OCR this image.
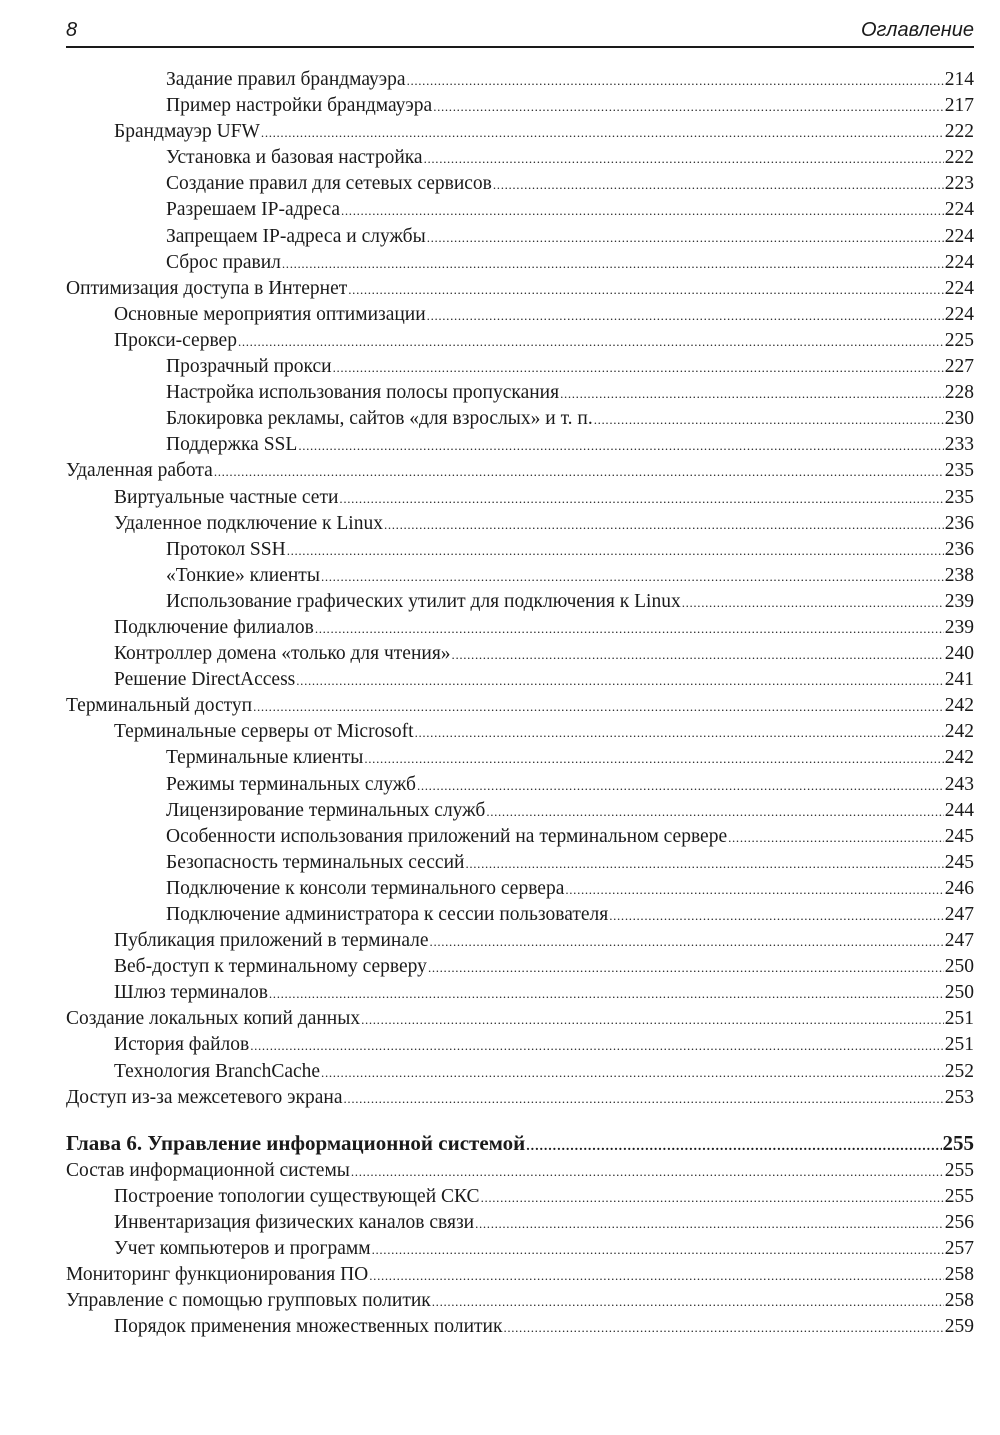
8	Оглавление
Задание правил брандмауэра . . .	214
Пример настройки брандмауэра . . .	217
Брандмауэр UFW . . .	222
Установка и базовая настройка . . .	222
Создание правил для сетевых сервисов . . .	223
Разрешаем IP-адреса . . .	224
Запрещаем IP-адреса и службы . . .	224
Сброс правил . . .	224
Оптимизация доступа в Интернет . . .	224
Основные мероприятия оптимизации . . .	224
Прокси-сервер . . .	225
Прозрачный прокси . . .	227
Настройка использования полосы пропускания . . .	228
Блокировка рекламы, сайтов «для взрослых» и т. п. . . .	230
Поддержка SSL . . .	233
Удаленная работа . . .	235
Виртуальные частные сети . . .	235
Удаленное подключение к Linux . . .	236
Протокол SSH . . .	236
«Тонкие» клиенты . . .	238
Использование графических утилит для подключения к Linux . . .	239
Подключение филиалов . . .	239
Контроллер домена «только для чтения» . . .	240
Решение DirectAccess . . .	241
Терминальный доступ . . .	242
Терминальные серверы от Microsoft . . .	242
Терминальные клиенты . . .	242
Режимы терминальных служб . . .	243
Лицензирование терминальных служб . . .	244
Особенности использования приложений на терминальном сервере . . .	245
Безопасность терминальных сессий . . .	245
Подключение к консоли терминального сервера . . .	246
Подключение администратора к сессии пользователя . . .	247
Публикация приложений в терминале . . .	247
Веб-доступ к терминальному серверу . . .	250
Шлюз терминалов . . .	250
Создание локальных копий данных . . .	251
История файлов . . .	251
Технология BranchCache . . .	252
Доступ из-за межсетевого экрана . . .	253
Глава 6. Управление информационной системой . . .	255
Состав информационной системы . . .	255
Построение топологии существующей СКС . . .	255
Инвентаризация физических каналов связи . . .	256
Учет компьютеров и программ . . .	257
Мониторинг функционирования ПО . . .	258
Управление с помощью групповых политик . . .	258
Порядок применения множественных политик . . .	259
